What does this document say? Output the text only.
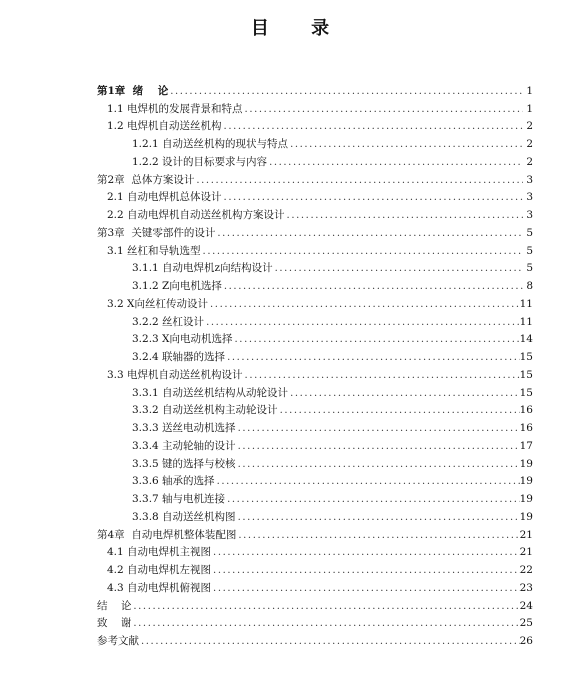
目 录
第1章  绪    论 .....	1
1.1 电焊机的发展背景和特点 .....	1
1.2 电焊机自动送丝机构 .....	2
1.2.1 自动送丝机构的现状与特点 .....	2
1.2.2 设计的目标要求与内容 .....	2
第2章  总体方案设计 .....	3
2.1 自动电焊机总体设计 .....	3
2.2 自动电焊机自动送丝机构方案设计 .....	3
第3章  关键零部件的设计 .....	5
3.1 丝杠和导轨选型 .....	5
3.1.1 自动电焊机z向结构设计 .....	5
3.1.2 Z向电机选择 .....	8
3.2 X向丝杠传动设计 .....	11
3.2.2 丝杠设计 .....	11
3.2.3 X向电动机选择 .....	14
3.2.4 联轴器的选择 .....	15
3.3 电焊机自动送丝机构设计 .....	15
3.3.1 自动送丝机结构从动轮设计 .....	15
3.3.2 自动送丝机构主动轮设计 .....	16
3.3.3 送丝电动机选择 .....	16
3.3.4 主动轮轴的设计 .....	17
3.3.5 键的选择与校核 .....	19
3.3.6 轴承的选择 .....	19
3.3.7 轴与电机连接 .....	19
3.3.8 自动送丝机构图 .....	19
第4章  自动电焊机整体装配图 .....	21
4.1 自动电焊机主视图 .....	21
4.2 自动电焊机左视图 .....	22
4.3 自动电焊机俯视图 .....	23
结    论 .....	24
致    谢 .....	25
参考文献 .....	26
